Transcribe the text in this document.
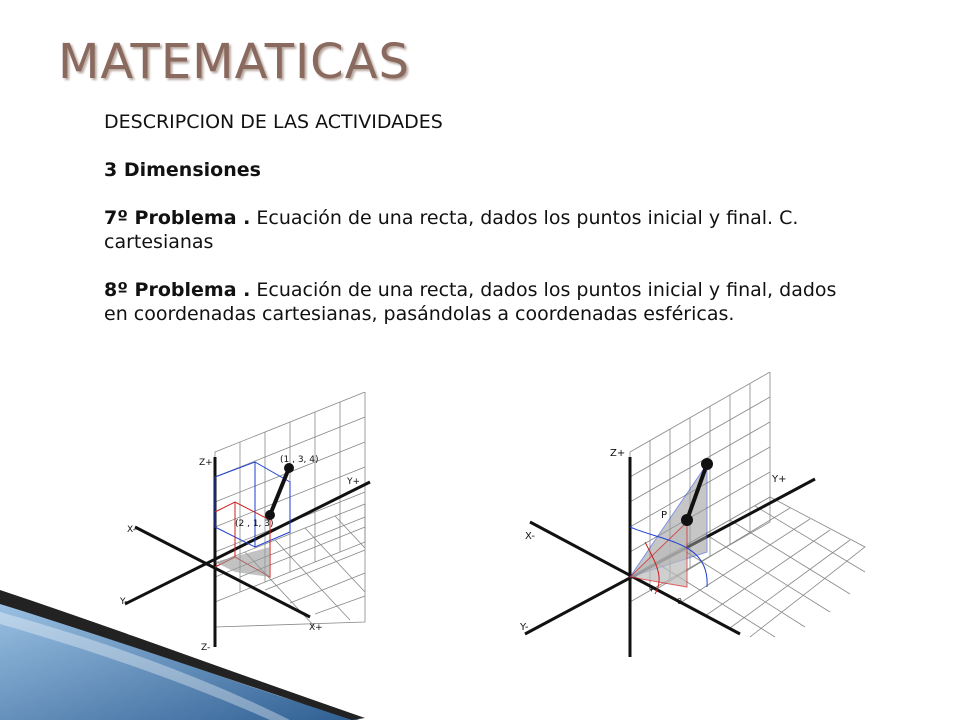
MATEMATICAS

DESCRIPCION DE LAS ACTIVIDADES

3 Dimensiones

7º Problema . Ecuación de una recta, dados los puntos inicial y final. C. cartesianas

8º Problema . Ecuación de una recta, dados los puntos inicial y final, dados en coordenadas cartesianas, pasándolas a coordenadas esféricas.

Z+
Z-
X-
X+
Y+
Y-
(1 , 3, 4)
(2 , 1, 3)
Z+
X-
Y+
Y-
P
θ
φ
